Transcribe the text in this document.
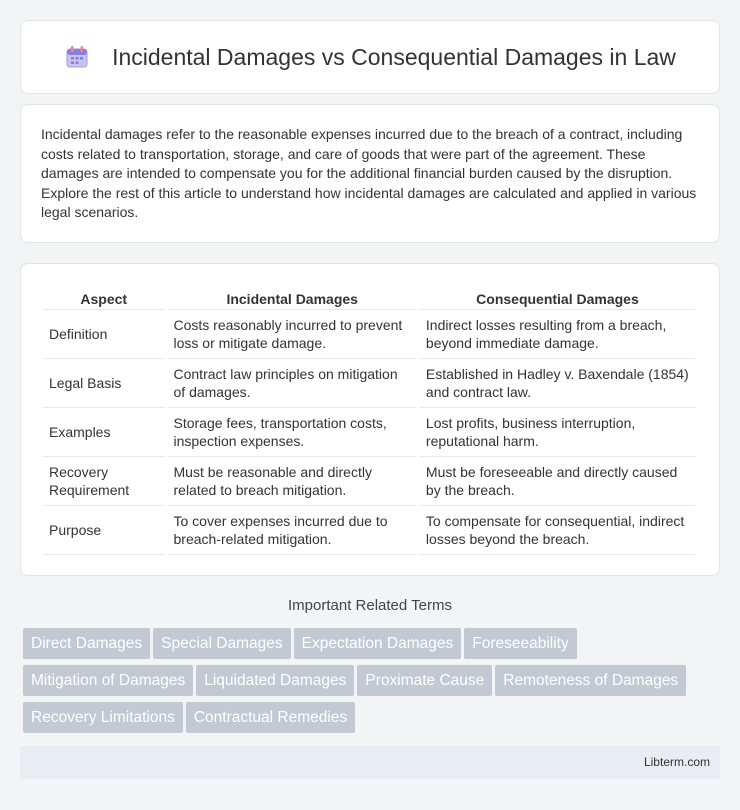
Incidental Damages vs Consequential Damages in Law

Incidental damages refer to the reasonable expenses incurred due to the breach of a contract, including costs related to transportation, storage, and care of goods that were part of the agreement. These damages are intended to compensate you for the additional financial burden caused by the disruption. Explore the rest of this article to understand how incidental damages are calculated and applied in various legal scenarios.

Aspect	Incidental Damages	Consequential Damages
Definition	Costs reasonably incurred to prevent loss or mitigate damage.	Indirect losses resulting from a breach, beyond immediate damage.
Legal Basis	Contract law principles on mitigation of damages.	Established in Hadley v. Baxendale (1854) and contract law.
Examples	Storage fees, transportation costs, inspection expenses.	Lost profits, business interruption, reputational harm.
Recovery Requirement	Must be reasonable and directly related to breach mitigation.	Must be foreseeable and directly caused by the breach.
Purpose	To cover expenses incurred due to breach-related mitigation.	To compensate for consequential, indirect losses beyond the breach.
Important Related Terms
Direct Damages Special Damages Expectation Damages Foreseeability
Mitigation of Damages Liquidated Damages Proximate Cause Remoteness of Damages
Recovery Limitations Contractual Remedies
Libterm.com
